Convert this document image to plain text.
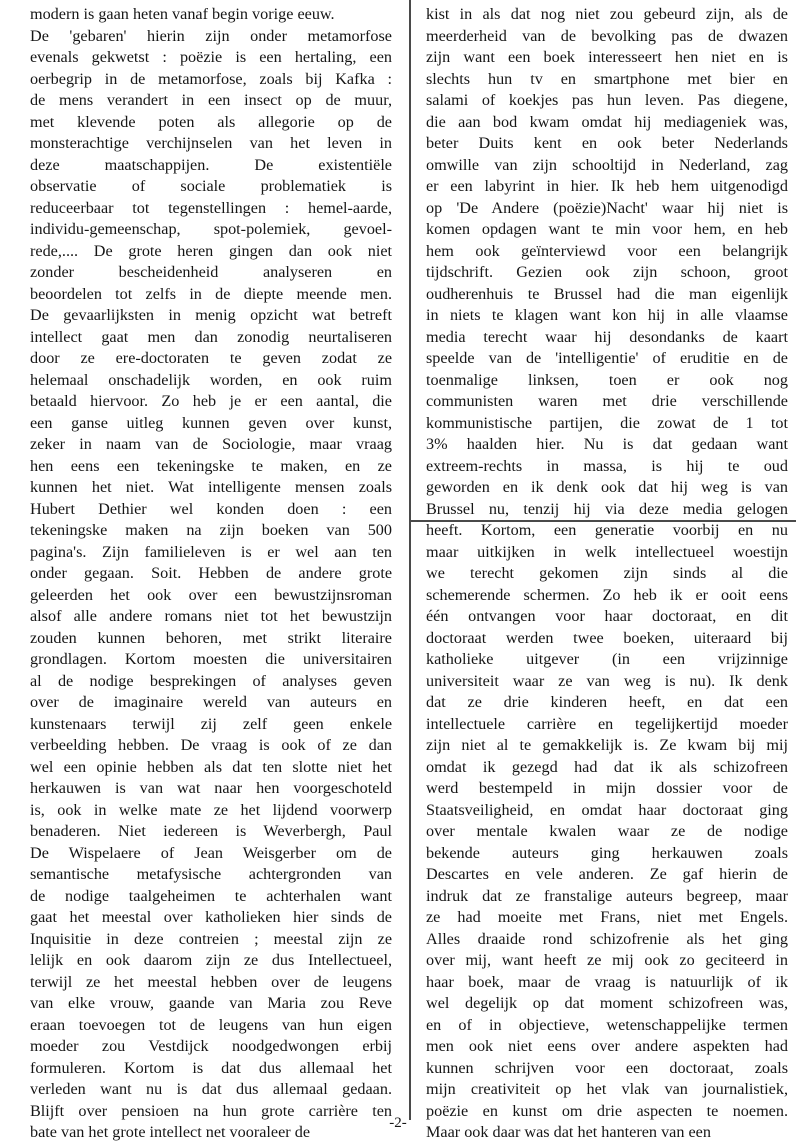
modern is gaan heten vanaf begin vorige eeuw.
De 'gebaren' hierin zijn onder metamorfose
evenals gekwetst : poëzie is een hertaling, een
oerbegrip in de metamorfose, zoals bij Kafka :
de mens verandert in een insect op de muur,
met klevende poten als allegorie op de
monsterachtige verchijnselen van het leven in
deze maatschappijen. De existentiële
observatie of sociale problematiek is
reduceerbaar tot tegenstellingen : hemel-aarde,
individu-gemeenschap, spot-polemiek, gevoel-
rede,.... De grote heren gingen dan ook niet
zonder bescheidenheid analyseren en
beoordelen tot zelfs in de diepte meende men.
De gevaarlijksten in menig opzicht wat betreft
intellect gaat men dan zonodig neurtaliseren
door ze ere-doctoraten te geven zodat ze
helemaal onschadelijk worden, en ook ruim
betaald hiervoor. Zo heb je er een aantal, die
een ganse uitleg kunnen geven over kunst,
zeker in naam van de Sociologie, maar vraag
hen eens een tekeningske te maken, en ze
kunnen het niet. Wat intelligente mensen zoals
Hubert Dethier wel konden doen : een
tekeningske maken na zijn boeken van 500
pagina's. Zijn familieleven is er wel aan ten
onder gegaan. Soit. Hebben de andere grote
geleerden het ook over een bewustzijnsroman
alsof alle andere romans niet tot het bewustzijn
zouden kunnen behoren, met strikt literaire
grondlagen. Kortom moesten die universitairen
al de nodige besprekingen of analyses geven
over de imaginaire wereld van auteurs en
kunstenaars terwijl zij zelf geen enkele
verbeelding hebben. De vraag is ook of ze dan
wel een opinie hebben als dat ten slotte niet het
herkauwen is van wat naar hen voorgeschoteld
is, ook in welke mate ze het lijdend voorwerp
benaderen. Niet iedereen is Weverbergh, Paul
De Wispelaere of Jean Weisgerber om de
semantische metafysische achtergronden van
de nodige taalgeheimen te achterhalen want
gaat het meestal over katholieken hier sinds de
Inquisitie in deze contreien ; meestal zijn ze
lelijk en ook daarom zijn ze dus Intellectueel,
terwijl ze het meestal hebben over de leugens
van elke vrouw, gaande van Maria zou Reve
eraan toevoegen tot de leugens van hun eigen
moeder zou Vestdijck noodgedwongen erbij
formuleren. Kortom is dat dus allemaal het
verleden want nu is dat dus allemaal gedaan.
Blijft over pensioen na hun grote carrière ten
bate van het grote intellect net vooraleer de
kist in als dat nog niet zou gebeurd zijn, als de
meerderheid van de bevolking pas de dwazen
zijn want een boek interesseert hen niet en is
slechts hun tv en smartphone met bier en
salami of koekjes pas hun leven. Pas diegene,
die aan bod kwam omdat hij mediageniek was,
beter Duits kent en ook beter Nederlands
omwille van zijn schooltijd in Nederland, zag
er een labyrint in hier. Ik heb hem uitgenodigd
op 'De Andere (poëzie)Nacht' waar hij niet is
komen opdagen want te min voor hem, en heb
hem ook geïnterviewd voor een belangrijk
tijdschrift. Gezien ook zijn schoon, groot
oudherenhuis te Brussel had die man eigenlijk
in niets te klagen want kon hij in alle vlaamse
media terecht waar hij desondanks de kaart
speelde van de 'intelligentie' of eruditie en de
toenmalige linksen, toen er ook nog
communisten waren met drie verschillende
kommunistische partijen, die zowat de 1 tot
3% haalden hier. Nu is dat gedaan want
extreem-rechts in massa, is hij te oud
geworden en ik denk ook dat hij weg is van
Brussel nu, tenzij hij via deze media gelogen
heeft. Kortom, een generatie voorbij en nu
maar uitkijken in welk intellectueel woestijn
we terecht gekomen zijn sinds al die
schemerende schermen. Zo heb ik er ooit eens
één ontvangen voor haar doctoraat, en dit
doctoraat werden twee boeken, uiteraard bij
katholieke uitgever (in een vrijzinnige
universiteit waar ze van weg is nu). Ik denk
dat ze drie kinderen heeft, en dat een
intellectuele carrière en tegelijkertijd moeder
zijn niet al te gemakkelijk is. Ze kwam bij mij
omdat ik gezegd had dat ik als schizofreen
werd bestempeld in mijn dossier voor de
Staatsveiligheid, en omdat haar doctoraat ging
over mentale kwalen waar ze de nodige
bekende auteurs ging herkauwen zoals
Descartes en vele anderen. Ze gaf hierin de
indruk dat ze franstalige auteurs begreep, maar
ze had moeite met Frans, niet met Engels.
Alles draaide rond schizofrenie als het ging
over mij, want heeft ze mij ook zo geciteerd in
haar boek, maar de vraag is natuurlijk of ik
wel degelijk op dat moment schizofreen was,
en of in objectieve, wetenschappelijke termen
men ook niet eens over andere aspekten had
kunnen schrijven voor een doctoraat, zoals
mijn creativiteit op het vlak van journalistiek,
poëzie en kunst om drie aspecten te noemen.
Maar ook daar was dat het hanteren van een
-2-
